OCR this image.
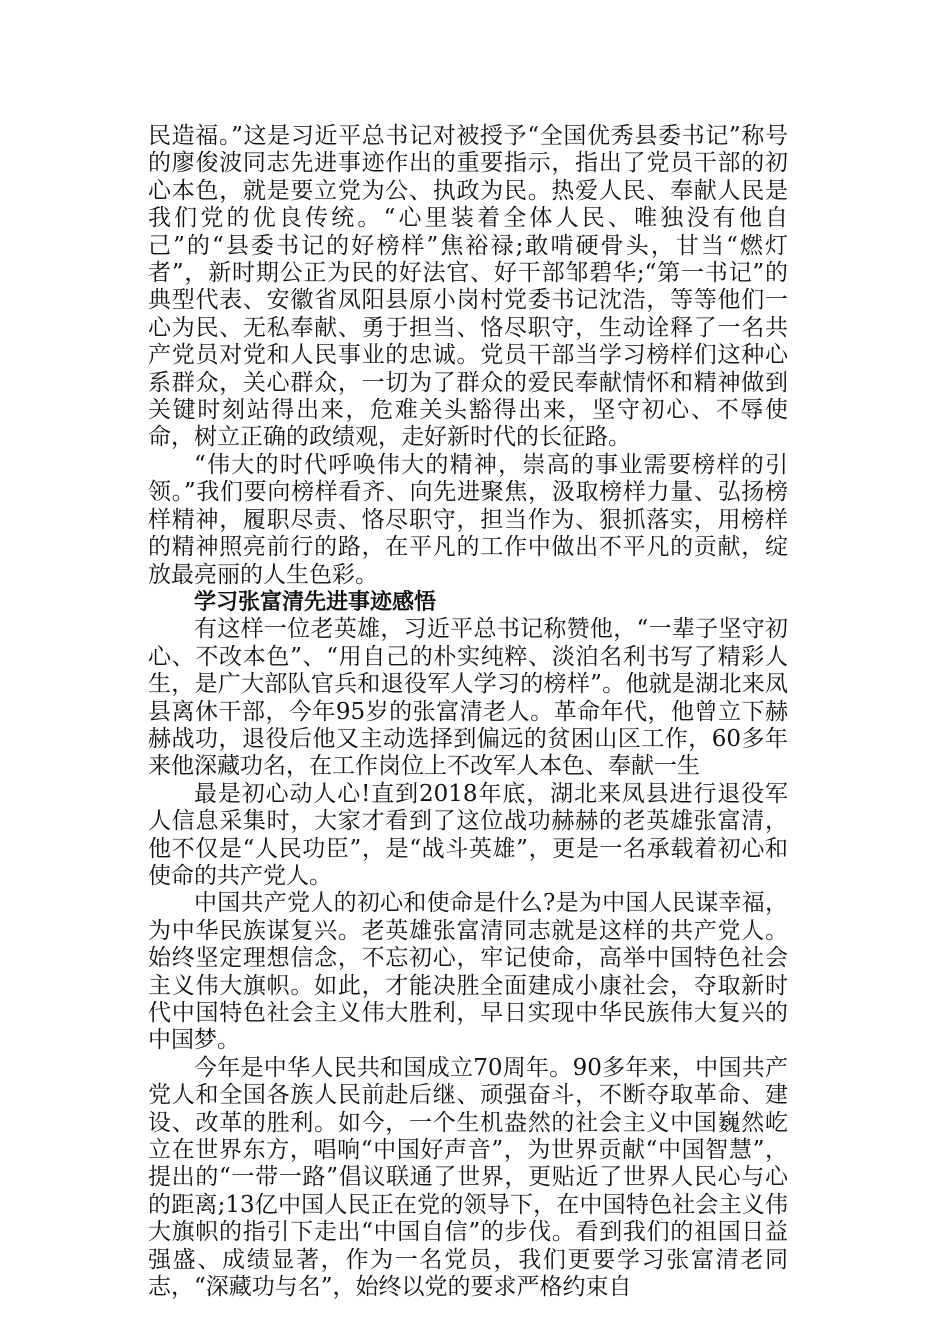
民造福。”这是习近平总书记对被授予“全国优秀县委书记”称号的廖俊波同志先进事迹作出的重要指示，指出了党员干部的初心本色，就是要立党为公、执政为民。热爱人民、奉献人民是我们党的优良传统。“心里装着全体人民、唯独没有他自己”的“县委书记的好榜样”焦裕禄;敢啃硬骨头，甘当“燃灯者”，新时期公正为民的好法官、好干部邹碧华;“第一书记”的典型代表、安徽省凤阳县原小岗村党委书记沈浩，等等他们一心为民、无私奉献、勇于担当、恪尽职守，生动诠释了一名共产党员对党和人民事业的忠诚。党员干部当学习榜样们这种心系群众，关心群众，一切为了群众的爱民奉献情怀和精神做到关键时刻站得出来，危难关头豁得出来，坚守初心、不辱使命，树立正确的政绩观，走好新时代的长征路。

“伟大的时代呼唤伟大的精神，崇高的事业需要榜样的引领。”我们要向榜样看齐、向先进聚焦，汲取榜样力量、弘扬榜样精神，履职尽责、恪尽职守，担当作为、狠抓落实，用榜样的精神照亮前行的路，在平凡的工作中做出不平凡的贡献，绽放最亮丽的人生色彩。

学习张富清先进事迹感悟

有这样一位老英雄，习近平总书记称赞他，“一辈子坚守初心、不改本色”、“用自己的朴实纯粹、淡泊名利书写了精彩人生，是广大部队官兵和退役军人学习的榜样”。他就是湖北来凤县离休干部，今年95岁的张富清老人。革命年代，他曾立下赫赫战功，退役后他又主动选择到偏远的贫困山区工作，60多年来他深藏功名，在工作岗位上不改军人本色、奉献一生

最是初心动人心!直到2018年底，湖北来凤县进行退役军人信息采集时，大家才看到了这位战功赫赫的老英雄张富清，他不仅是“人民功臣”，是“战斗英雄”，更是一名承载着初心和使命的共产党人。

中国共产党人的初心和使命是什么?是为中国人民谋幸福，为中华民族谋复兴。老英雄张富清同志就是这样的共产党人。始终坚定理想信念，不忘初心，牢记使命，高举中国特色社会主义伟大旗帜。如此，才能决胜全面建成小康社会，夺取新时代中国特色社会主义伟大胜利，早日实现中华民族伟大复兴的中国梦。

今年是中华人民共和国成立70周年。90多年来，中国共产党人和全国各族人民前赴后继、顽强奋斗，不断夺取革命、建设、改革的胜利。如今，一个生机盎然的社会主义中国巍然屹立在世界东方，唱响“中国好声音”，为世界贡献“中国智慧”，提出的“一带一路”倡议联通了世界，更贴近了世界人民心与心的距离;13亿中国人民正在党的领导下，在中国特色社会主义伟大旗帜的指引下走出“中国自信”的步伐。看到我们的祖国日益强盛、成绩显著，作为一名党员，我们更要学习张富清老同志，“深藏功与名”，始终以党的要求严格约束自
